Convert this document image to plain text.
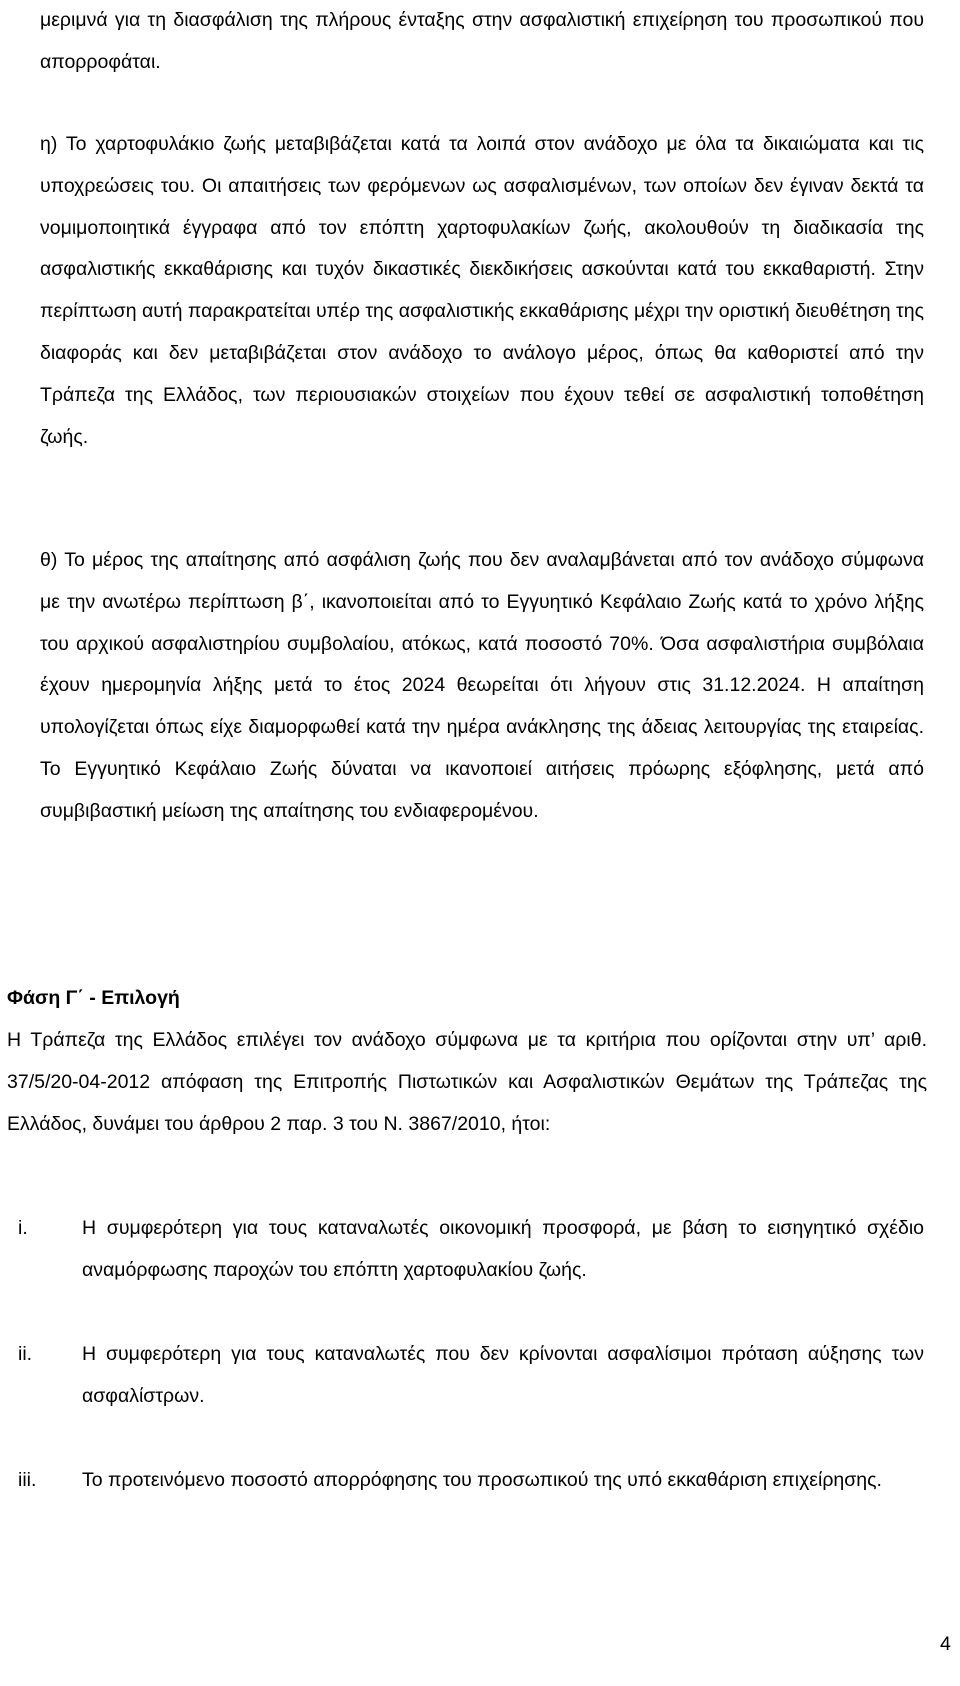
μεριμνά για τη διασφάλιση της πλήρους ένταξης στην ασφαλιστική επιχείρηση του προσωπικού που απορροφάται.

η) Το χαρτοφυλάκιο ζωής μεταβιβάζεται κατά τα λοιπά στον ανάδοχο με όλα τα δικαιώματα και τις υποχρεώσεις του. Οι απαιτήσεις των φερόμενων ως ασφαλισμένων, των οποίων δεν έγιναν δεκτά τα νομιμοποιητικά έγγραφα από τον επόπτη χαρτοφυλακίων ζωής, ακολουθούν τη διαδικασία της ασφαλιστικής εκκαθάρισης και τυχόν δικαστικές διεκδικήσεις ασκούνται κατά του εκκαθαριστή. Στην περίπτωση αυτή παρακρατείται υπέρ της ασφαλιστικής εκκαθάρισης μέχρι την οριστική διευθέτηση της διαφοράς και δεν μεταβιβάζεται στον ανάδοχο το ανάλογο μέρος, όπως θα καθοριστεί από την Τράπεζα της Ελλάδος, των περιουσιακών στοιχείων που έχουν τεθεί σε ασφαλιστική τοποθέτηση ζωής.

θ) Το μέρος της απαίτησης από ασφάλιση ζωής που δεν αναλαμβάνεται από τον ανάδοχο σύμφωνα με την ανωτέρω περίπτωση β΄, ικανοποιείται από το Εγγυητικό Κεφάλαιο Ζωής κατά το χρόνο λήξης του αρχικού ασφαλιστηρίου συμβολαίου, ατόκως, κατά ποσοστό 70%. Όσα ασφαλιστήρια συμβόλαια έχουν ημερομηνία λήξης μετά το έτος 2024 θεωρείται ότι λήγουν στις 31.12.2024. Η απαίτηση υπολογίζεται όπως είχε διαμορφωθεί κατά την ημέρα ανάκλησης της άδειας λειτουργίας της εταιρείας. Το Εγγυητικό Κεφάλαιο Ζωής δύναται να ικανοποιεί αιτήσεις πρόωρης εξόφλησης, μετά από συμβιβαστική μείωση της απαίτησης του ενδιαφερομένου.

Φάση Γ΄ - Επιλογή

Η Τράπεζα της Ελλάδος επιλέγει τον ανάδοχο σύμφωνα με τα κριτήρια που ορίζονται στην υπ’ αριθ. 37/5/20-04-2012 απόφαση της Επιτροπής Πιστωτικών και Ασφαλιστικών Θεμάτων της Τράπεζας της Ελλάδος, δυνάμει του άρθρου 2 παρ. 3 του Ν. 3867/2010, ήτοι:

i.	Η συμφερότερη για τους καταναλωτές οικονομική προσφορά, με βάση το εισηγητικό σχέδιο αναμόρφωσης παροχών του επόπτη χαρτοφυλακίου ζωής.

ii.	Η συμφερότερη για τους καταναλωτές που δεν κρίνονται ασφαλίσιμοι πρόταση αύξησης των ασφαλίστρων.

iii. Το προτεινόμενο ποσοστό απορρόφησης του προσωπικού της υπό εκκαθάριση επιχείρησης.

4
